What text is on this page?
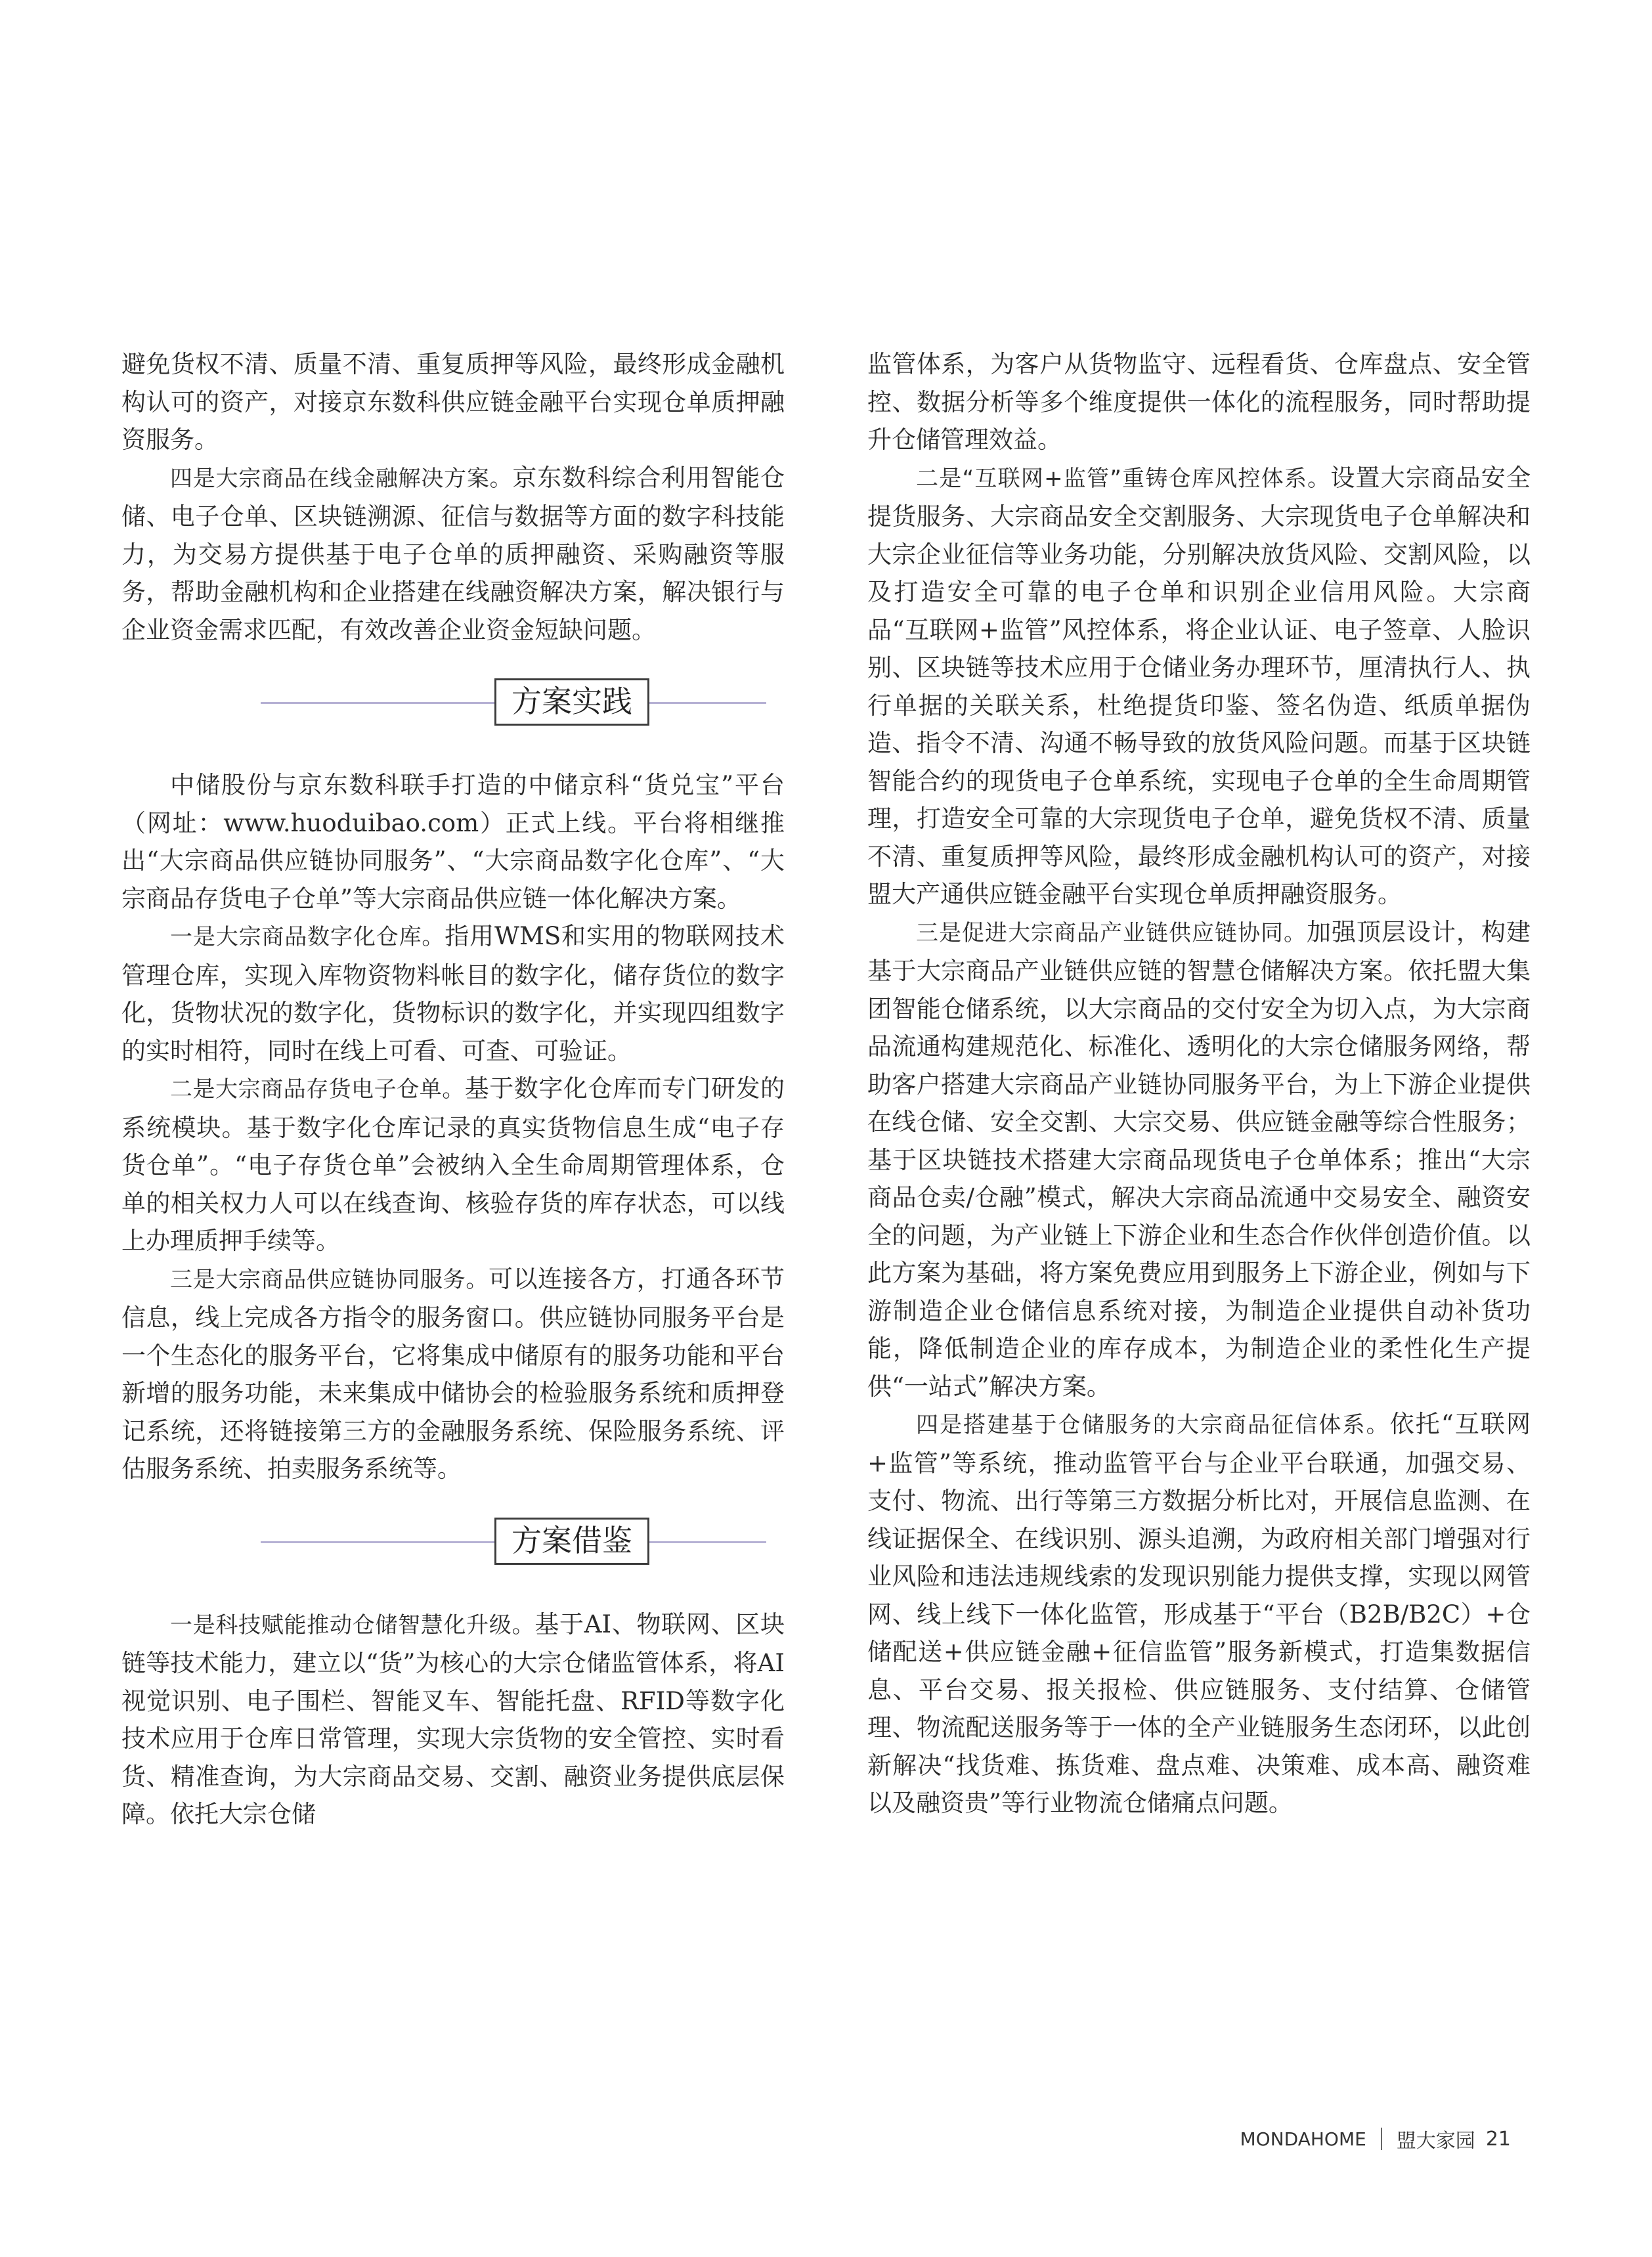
避免货权不清、质量不清、重复质押等风险，最终形成金融机构认可的资产，对接京东数科供应链金融平台实现仓单质押融资服务。

四是大宗商品在线金融解决方案。京东数科综合利用智能仓储、电子仓单、区块链溯源、征信与数据等方面的数字科技能力，为交易方提供基于电子仓单的质押融资、采购融资等服务，帮助金融机构和企业搭建在线融资解决方案，解决银行与企业资金需求匹配，有效改善企业资金短缺问题。

方案实践

中储股份与京东数科联手打造的中储京科“货兑宝”平台（网址：www.huoduibao.com）正式上线。平台将相继推出“大宗商品供应链协同服务”、“大宗商品数字化仓库”、“大宗商品存货电子仓单”等大宗商品供应链一体化解决方案。

一是大宗商品数字化仓库。指用WMS和实用的物联网技术管理仓库，实现入库物资物料帐目的数字化，储存货位的数字化，货物状况的数字化，货物标识的数字化，并实现四组数字的实时相符，同时在线上可看、可查、可验证。

二是大宗商品存货电子仓单。基于数字化仓库而专门研发的系统模块。基于数字化仓库记录的真实货物信息生成“电子存货仓单”。“电子存货仓单”会被纳入全生命周期管理体系，仓单的相关权力人可以在线查询、核验存货的库存状态，可以线上办理质押手续等。

三是大宗商品供应链协同服务。可以连接各方，打通各环节信息，线上完成各方指令的服务窗口。供应链协同服务平台是一个生态化的服务平台，它将集成中储原有的服务功能和平台新增的服务功能，未来集成中储协会的检验服务系统和质押登记系统，还将链接第三方的金融服务系统、保险服务系统、评估服务系统、拍卖服务系统等。

方案借鉴

一是科技赋能推动仓储智慧化升级。基于AI、物联网、区块链等技术能力，建立以“货”为核心的大宗仓储监管体系，将AI视觉识别、电子围栏、智能叉车、智能托盘、RFID等数字化技术应用于仓库日常管理，实现大宗货物的安全管控、实时看货、精准查询，为大宗商品交易、交割、融资业务提供底层保障。依托大宗仓储

监管体系，为客户从货物监守、远程看货、仓库盘点、安全管控、数据分析等多个维度提供一体化的流程服务，同时帮助提升仓储管理效益。

二是“互联网+监管”重铸仓库风控体系。设置大宗商品安全提货服务、大宗商品安全交割服务、大宗现货电子仓单解决和大宗企业征信等业务功能，分别解决放货风险、交割风险，以及打造安全可靠的电子仓单和识别企业信用风险。大宗商品“互联网+监管”风控体系，将企业认证、电子签章、人脸识别、区块链等技术应用于仓储业务办理环节，厘清执行人、执行单据的关联关系，杜绝提货印鉴、签名伪造、纸质单据伪造、指令不清、沟通不畅导致的放货风险问题。而基于区块链智能合约的现货电子仓单系统，实现电子仓单的全生命周期管理，打造安全可靠的大宗现货电子仓单，避免货权不清、质量不清、重复质押等风险，最终形成金融机构认可的资产，对接盟大产通供应链金融平台实现仓单质押融资服务。

三是促进大宗商品产业链供应链协同。加强顶层设计，构建基于大宗商品产业链供应链的智慧仓储解决方案。依托盟大集团智能仓储系统，以大宗商品的交付安全为切入点，为大宗商品流通构建规范化、标准化、透明化的大宗仓储服务网络，帮助客户搭建大宗商品产业链协同服务平台，为上下游企业提供在线仓储、安全交割、大宗交易、供应链金融等综合性服务；基于区块链技术搭建大宗商品现货电子仓单体系；推出“大宗商品仓卖/仓融”模式，解决大宗商品流通中交易安全、融资安全的问题，为产业链上下游企业和生态合作伙伴创造价值。以此方案为基础，将方案免费应用到服务上下游企业，例如与下游制造企业仓储信息系统对接，为制造企业提供自动补货功能，降低制造企业的库存成本，为制造企业的柔性化生产提供“一站式”解决方案。

四是搭建基于仓储服务的大宗商品征信体系。依托“互联网+监管”等系统，推动监管平台与企业平台联通，加强交易、支付、物流、出行等第三方数据分析比对，开展信息监测、在线证据保全、在线识别、源头追溯，为政府相关部门增强对行业风险和违法违规线索的发现识别能力提供支撑，实现以网管网、线上线下一体化监管，形成基于“平台（B2B/B2C）+仓储配送+供应链金融+征信监管”服务新模式，打造集数据信息、平台交易、报关报检、供应链服务、支付结算、仓储管理、物流配送服务等于一体的全产业链服务生态闭环，以此创新解决“找货难、拣货难、盘点难、决策难、成本高、融资难以及融资贵”等行业物流仓储痛点问题。

MONDAHOME 盟大家园 21
